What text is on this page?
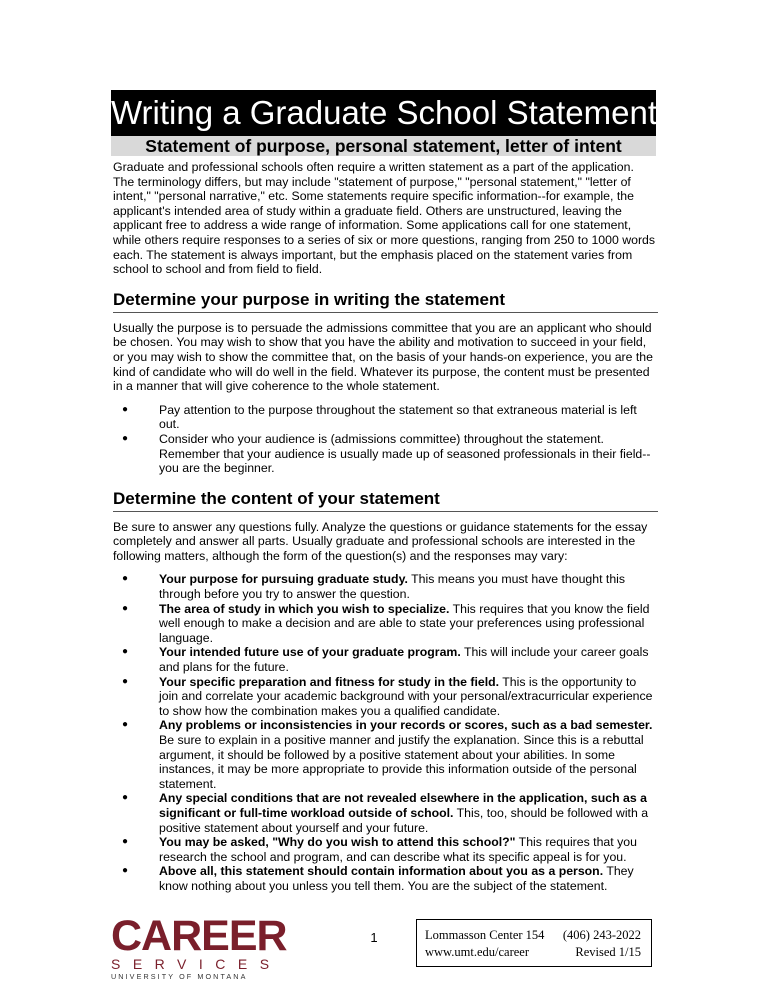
Writing a Graduate School Statement
Statement of purpose, personal statement, letter of intent

Graduate and professional schools often require a written statement as a part of the application. The terminology differs, but may include "statement of purpose," "personal statement," "letter of intent," "personal narrative," etc. Some statements require specific information--for example, the applicant's intended area of study within a graduate field. Others are unstructured, leaving the applicant free to address a wide range of information. Some applications call for one statement, while others require responses to a series of six or more questions, ranging from 250 to 1000 words each. The statement is always important, but the emphasis placed on the statement varies from school to school and from field to field.

Determine your purpose in writing the statement

Usually the purpose is to persuade the admissions committee that you are an applicant who should be chosen. You may wish to show that you have the ability and motivation to succeed in your field, or you may wish to show the committee that, on the basis of your hands-on experience, you are the kind of candidate who will do well in the field. Whatever its purpose, the content must be presented in a manner that will give coherence to the whole statement.

●	Pay attention to the purpose throughout the statement so that extraneous material is left out.
●	Consider who your audience is (admissions committee) throughout the statement. Remember that your audience is usually made up of seasoned professionals in their field--you are the beginner.
Determine the content of your statement

Be sure to answer any questions fully. Analyze the questions or guidance statements for the essay completely and answer all parts. Usually graduate and professional schools are interested in the following matters, although the form of the question(s) and the responses may vary:

●	Your purpose for pursuing graduate study. This means you must have thought this through before you try to answer the question.
●	The area of study in which you wish to specialize. This requires that you know the field well enough to make a decision and are able to state your preferences using professional language.
●	Your intended future use of your graduate program. This will include your career goals and plans for the future.
●	Your specific preparation and fitness for study in the field. This is the opportunity to join and correlate your academic background with your personal/extracurricular experience to show how the combination makes you a qualified candidate.
●	Any problems or inconsistencies in your records or scores, such as a bad semester. Be sure to explain in a positive manner and justify the explanation. Since this is a rebuttal argument, it should be followed by a positive statement about your abilities. In some instances, it may be more appropriate to provide this information outside of the personal statement.
●	Any special conditions that are not revealed elsewhere in the application, such as a significant or full-time workload outside of school. This, too, should be followed with a positive statement about yourself and your future.
●	You may be asked, "Why do you wish to attend this school?" This requires that you research the school and program, and can describe what its specific appeal is for you.
●	Above all, this statement should contain information about you as a person. They know nothing about you unless you tell them. You are the subject of the statement.
CAREER
SERVICES
UNIVERSITY OF MONTANA
1	Lommasson Center 154 (406) 243-2022
www.umt.edu/career	Revised 1/15
